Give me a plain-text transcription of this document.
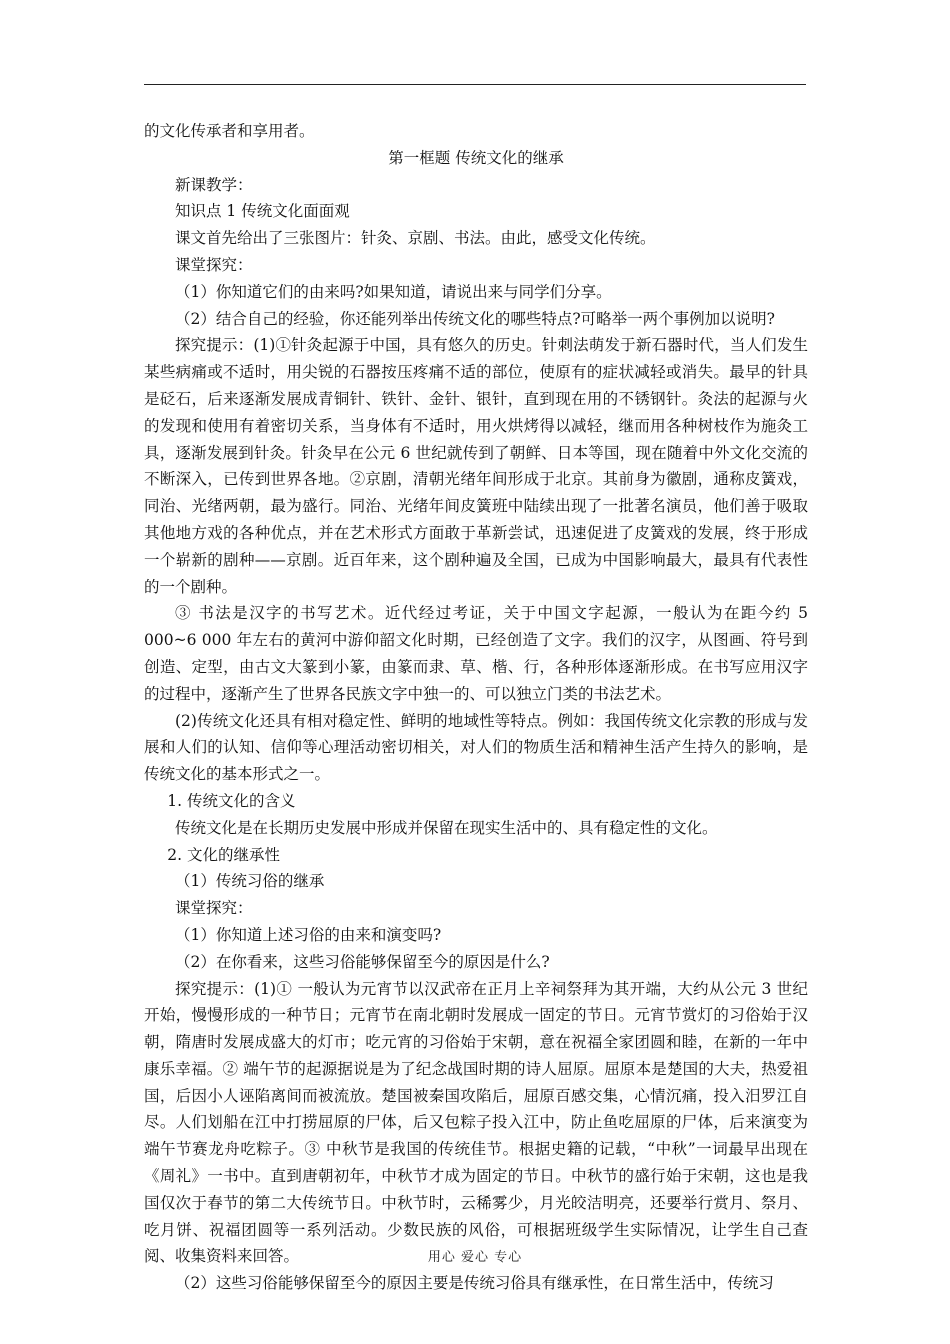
的文化传承者和享用者。

第一框题 传统文化的继承

新课教学：

知识点 1 传统文化面面观

课文首先给出了三张图片：针灸、京剧、书法。由此，感受文化传统。

课堂探究：

（1）你知道它们的由来吗?如果知道，请说出来与同学们分享。

（2）结合自己的经验，你还能列举出传统文化的哪些特点?可略举一两个事例加以说明?

探究提示：(1)①针灸起源于中国，具有悠久的历史。针刺法萌发于新石器时代，当人们发生某些病痛或不适时，用尖锐的石器按压疼痛不适的部位，使原有的症状减轻或消失。最早的针具是砭石，后来逐渐发展成青铜针、铁针、金针、银针，直到现在用的不锈钢针。灸法的起源与火的发现和使用有着密切关系，当身体有不适时，用火烘烤得以减轻，继而用各种树枝作为施灸工具，逐渐发展到针灸。针灸早在公元 6 世纪就传到了朝鲜、日本等国，现在随着中外文化交流的不断深入，已传到世界各地。②京剧，清朝光绪年间形成于北京。其前身为徽剧，通称皮簧戏，同治、光绪两朝，最为盛行。同治、光绪年间皮簧班中陆续出现了一批著名演员，他们善于吸取其他地方戏的各种优点，并在艺术形式方面敢于革新尝试，迅速促进了皮簧戏的发展，终于形成一个崭新的剧种——京剧。近百年来，这个剧种遍及全国，已成为中国影响最大，最具有代表性的一个剧种。

③ 书法是汉字的书写艺术。近代经过考证，关于中国文字起源，一般认为在距今约 5 000~6 000 年左右的黄河中游仰韶文化时期，已经创造了文字。我们的汉字，从图画、符号到创造、定型，由古文大篆到小篆，由篆而隶、草、楷、行，各种形体逐渐形成。在书写应用汉字的过程中，逐渐产生了世界各民族文字中独一的、可以独立门类的书法艺术。

(2)传统文化还具有相对稳定性、鲜明的地域性等特点。例如：我国传统文化宗教的形成与发展和人们的认知、信仰等心理活动密切相关，对人们的物质生活和精神生活产生持久的影响，是传统文化的基本形式之一。

1. 传统文化的含义

传统文化是在长期历史发展中形成并保留在现实生活中的、具有稳定性的文化。

2. 文化的继承性

（1）传统习俗的继承

课堂探究：

（1）你知道上述习俗的由来和演变吗?

（2）在你看来，这些习俗能够保留至今的原因是什么?

探究提示：(1)① 一般认为元宵节以汉武帝在正月上辛祠祭拜为其开端，大约从公元 3 世纪开始，慢慢形成的一种节日；元宵节在南北朝时发展成一固定的节日。元宵节赏灯的习俗始于汉朝，隋唐时发展成盛大的灯市；吃元宵的习俗始于宋朝，意在祝福全家团圆和睦，在新的一年中康乐幸福。② 端午节的起源据说是为了纪念战国时期的诗人屈原。屈原本是楚国的大夫，热爱祖国，后因小人诬陷离间而被流放。楚国被秦国攻陷后，屈原百感交集，心情沉痛，投入汨罗江自尽。人们划船在江中打捞屈原的尸体，后又包粽子投入江中，防止鱼吃屈原的尸体，后来演变为端午节赛龙舟吃粽子。③ 中秋节是我国的传统佳节。根据史籍的记载，“中秋”一词最早出现在《周礼》一书中。直到唐朝初年，中秋节才成为固定的节日。中秋节的盛行始于宋朝，这也是我国仅次于春节的第二大传统节日。中秋节时，云稀雾少，月光皎洁明亮，还要举行赏月、祭月、吃月饼、祝福团圆等一系列活动。少数民族的风俗，可根据班级学生实际情况，让学生自己查阅、收集资料来回答。

（2）这些习俗能够保留至今的原因主要是传统习俗具有继承性，在日常生活中，传统习

用心 爱心 专心
